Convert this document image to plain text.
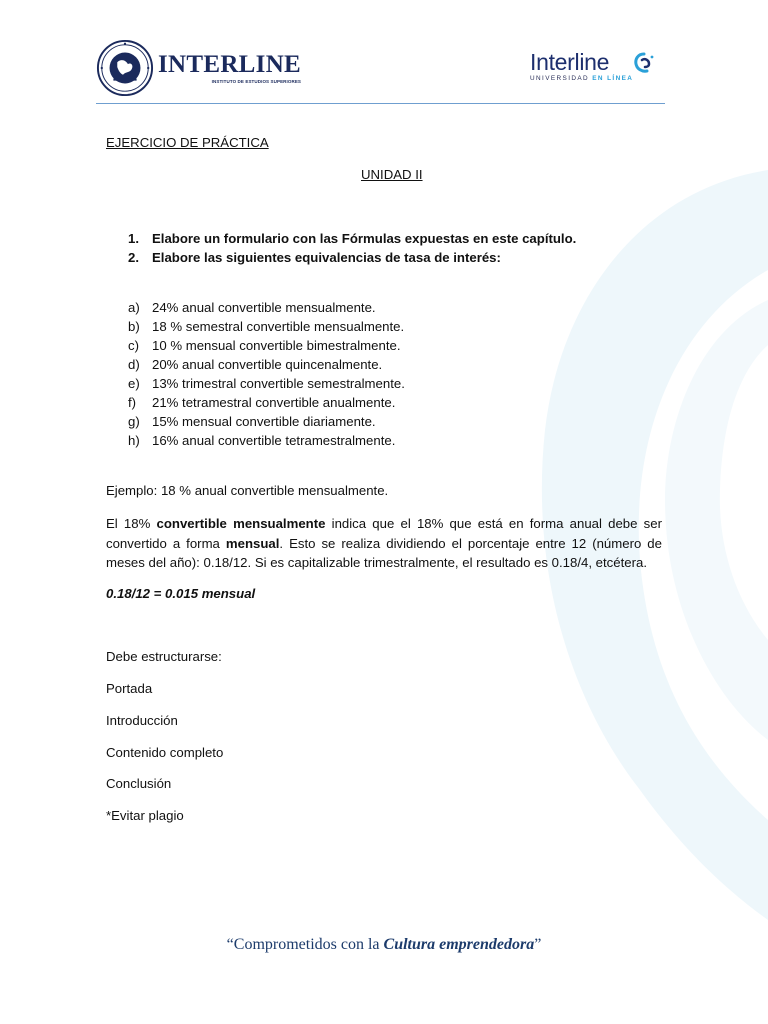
INTERLINE
INSTITUTO DE ESTUDIOS SUPERIORES
Interline
UNIVERSIDAD EN LÍNEA
EJERCICIO DE PRÁCTICA
UNIDAD II
1. Elabore un formulario con las Fórmulas expuestas en este capítulo.
2. Elabore las siguientes equivalencias de tasa de interés:
a) 24% anual convertible mensualmente.
b) 18 % semestral convertible mensualmente.
c) 10 % mensual convertible bimestralmente.
d) 20% anual convertible quincenalmente.
e) 13% trimestral convertible semestralmente.
f) 21% tetramestral convertible anualmente.
g) 15% mensual convertible diariamente.
h) 16% anual convertible tetramestralmente.
Ejemplo: 18 % anual convertible mensualmente.
El 18% convertible mensualmente indica que el 18% que está en forma anual debe ser convertido a forma mensual. Esto se realiza dividiendo el porcentaje entre 12 (número de meses del año): 0.18/12. Si es capitalizable trimestralmente, el resultado es 0.18/4, etcétera.
0.18/12 = 0.015 mensual
Debe estructurarse:
Portada
Introducción
Contenido completo
Conclusión
*Evitar plagio
“Comprometidos con la Cultura emprendedora”
